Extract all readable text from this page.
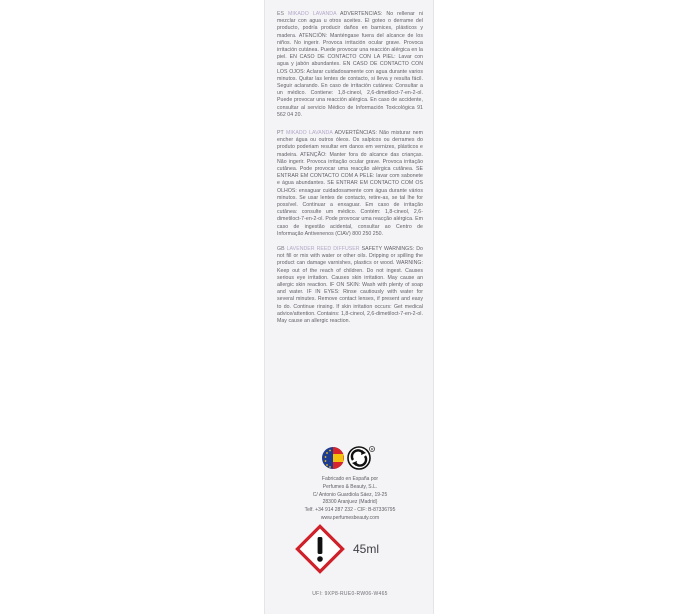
ES MIKADO LAVANDA ADVERTENCIAS: No rellenar ni mezclar con agua u otros aceites. El goteo o derrame del producto, podría producir daños en barnices, plásticos y madera. ATENCIÓN: Manténgase fuera del alcance de los niños. No ingerir. Provoca irritación ocular grave. Provoca irritación cutánea. Puede provocar una reacción alérgica en la piel. EN CASO DE CONTACTO CON LA PIEL: Lavar con agua y jabón abundantes. EN CASO DE CONTACTO CON LOS OJOS: Aclarar cuidadosamente con agua durante varios minutos. Quitar las lentes de contacto, si lleva y resulta fácil. Seguir aclarando. En caso de irritación cutánea: Consultar a un médico. Contiene: 1,8-cineol, 2,6-dimetiloct-7-en-2-ol. Puede provocar una reacción alérgica. En caso de accidente, consultar al servicio Médico de Información Toxicológica 91 562 04 20.
PT MIKADO LAVANDA ADVERTÊNCIAS: Não misturar nem encher água ou outros óleos. Os salpicos ou derrames do produto poderiam resultar em danos em vernizes, plásticos e madeira. ATENÇÃO: Manter fora do alcance das crianças. Não ingerir. Provoca irritação ocular grave. Provoca irritação cutânea. Pode provocar uma reacção alérgica cutânea. SE ENTRAR EM CONTACTO COM A PELE: lavar com sabonete e água abundantes. SE ENTRAR EM CONTACTO COM OS OLHOS: enxaguar cuidadosamente com água durante vários minutos. Se usar lentes de contacto, retire-as, se tal lhe for possível. Continuar a enxaguar. Em caso de irritação cutânea: consulte um médico. Contém: 1,8-cineol, 2,6-dimetiloct-7-en-2-ol. Pode provocar uma reacção alérgica. Em caso de ingestão acidental, consultar ao Centro de Informação Antivenenos (CIAV) 800 250 250.
GB LAVENDER REED DIFFUSER SAFETY WARNINGS: Do not fill or mix with water or other oils. Dripping or spilling the product can damage varnishes, plastics or wood. WARNING: Keep out of the reach of children. Do not ingest. Causes serious eye irritation. Causes skin irritation. May cause an allergic skin reaction. IF ON SKIN: Wash with plenty of soap and water. IF IN EYES: Rinse cautiously with water for several minutes. Remove contact lenses, if present and easy to do. Continue rinsing. If skin irritation occurs: Get medical advice/attention. Contains: 1,8-cineol, 2,6-dimetiloct-7-en-2-ol. May cause an allergic reaction.
R
Fabricado en España por
Perfumes & Beauty, S.L.
C/ Antonio Guardiola Sáez, 19-25
28300 Aranjuez (Madrid)
Telf. +34 914 287 232 - CIF: B-87336795
www.perfumesbeauty.com
45ml
UFI: 9XP8-RUE0-RW06-W465
